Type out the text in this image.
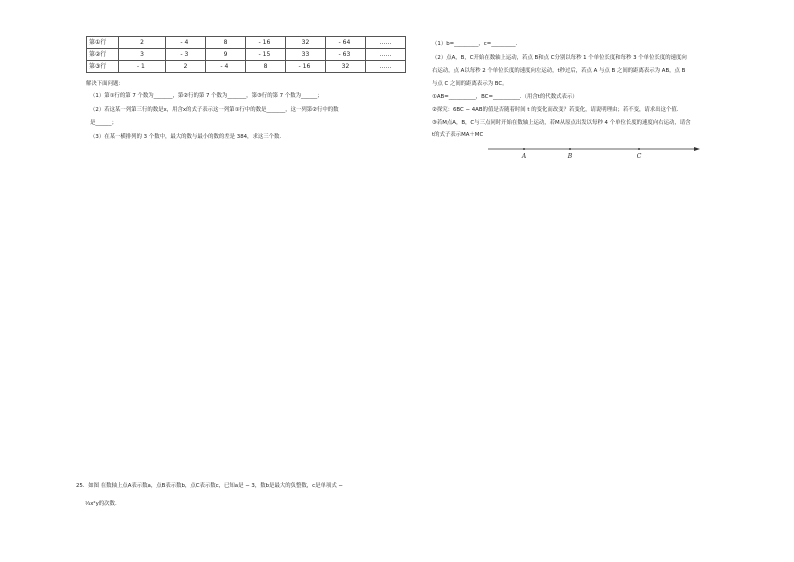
第①行	2	̵ 4	8	̵ 16	32	̵ 64	……
第②行	3	̵ 3	9	̵ 15	33	̵ 63	……
第③行	̵ 1	2	̵ 4	8	̵ 16	32	……
解决下面问题：
（1）第①行的第 7 个数为_______，第②行的第 7 个数为_______，第③行的第 7 个数为______；
（2）若这某一列第三行的数是x，用含x的式子表示这一列第①行中的数是_______，这一列第②行中的数
是______；
（3）在某一横排列的 3 个数中，最大的数与最小的数的差是 384，求这三个数.
25．如图 在数轴上点A表示数a，点B表示数b，点C表示数c，已知a是 − 3，数b是最大的负整数，c是单项式 −
⅓x²y的次数.
（1）b=_________，c=_________.
（2）点A，B，C开始在数轴上运动，若点 B和点 C分别以每秒 1 个单位长度和每秒 3 个单位长度的速度向
右运动，点 A以每秒 2 个单位长度的速度向左运动，t秒过后，若点 A 与点 B 之间的距离表示为 AB，点 B
与点 C 之间的距离表示为 BC。
①AB=__________，BC=__________.（用含t的代数式表示）
②探究：6BC − 4AB的值是否随着时间 t 的变化而改变？若变化，请说明理由；若不变，请求出这个值.
③若M点A，B，C与三点同时开始在数轴上运动，若M从原点出发以每秒 4 个单位长度的速度向右运动，请含
t的式子表示MA＋MC
A	B	C
